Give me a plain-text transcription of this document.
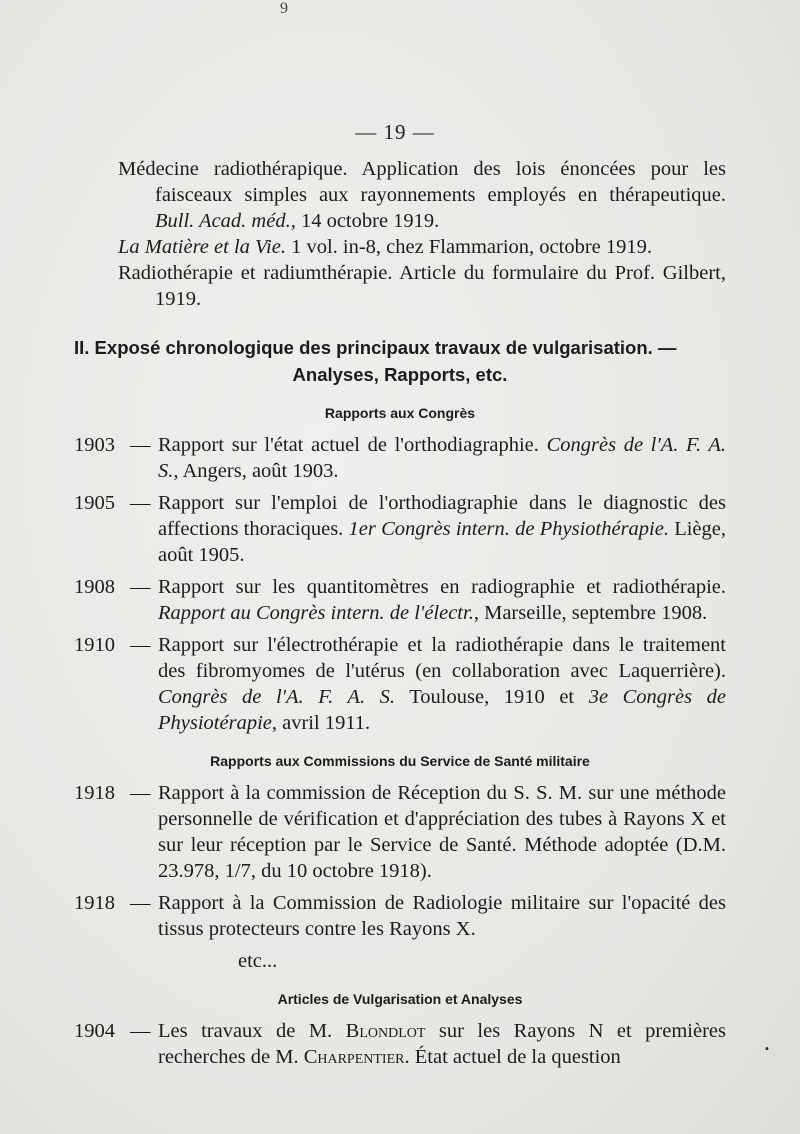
9
— 19 —
Médecine radiothérapique. Application des lois énoncées pour les faisceaux simples aux rayonnements employés en thérapeutique. Bull. Acad. méd., 14 octobre 1919.
La Matière et la Vie. 1 vol. in-8, chez Flammarion, octobre 1919.
Radiothérapie et radiumthérapie. Article du formulaire du Prof. Gilbert, 1919.
II. Exposé chronologique des principaux travaux de vulgarisation. —
Analyses, Rapports, etc.
Rapports aux Congrès
1903 — Rapport sur l'état actuel de l'orthodiagraphie. Congrès de l'A. F. A. S., Angers, août 1903.
1905 — Rapport sur l'emploi de l'orthodiagraphie dans le diagnostic des affections thoraciques. 1er Congrès intern. de Physiothérapie. Liège, août 1905.
1908 — Rapport sur les quantitomètres en radiographie et radiothérapie. Rapport au Congrès intern. de l'électr., Marseille, septembre 1908.
1910 — Rapport sur l'électrothérapie et la radiothérapie dans le traitement des fibromyomes de l'utérus (en collaboration avec Laquerrière). Congrès de l'A. F. A. S. Toulouse, 1910 et 3e Congrès de Physiotérapie, avril 1911.
Rapports aux Commissions du Service de Santé militaire
1918 — Rapport à la commission de Réception du S. S. M. sur une méthode personnelle de vérification et d'appréciation des tubes à Rayons X et sur leur réception par le Service de Santé. Méthode adoptée (D.M. 23.978, 1/7, du 10 octobre 1918).
1918 — Rapport à la Commission de Radiologie militaire sur l'opacité des tissus protecteurs contre les Rayons X.
etc...
Articles de Vulgarisation et Analyses
1904 — Les travaux de M. Blondlot sur les Rayons N et premières recherches de M. Charpentier. État actuel de la question
.
